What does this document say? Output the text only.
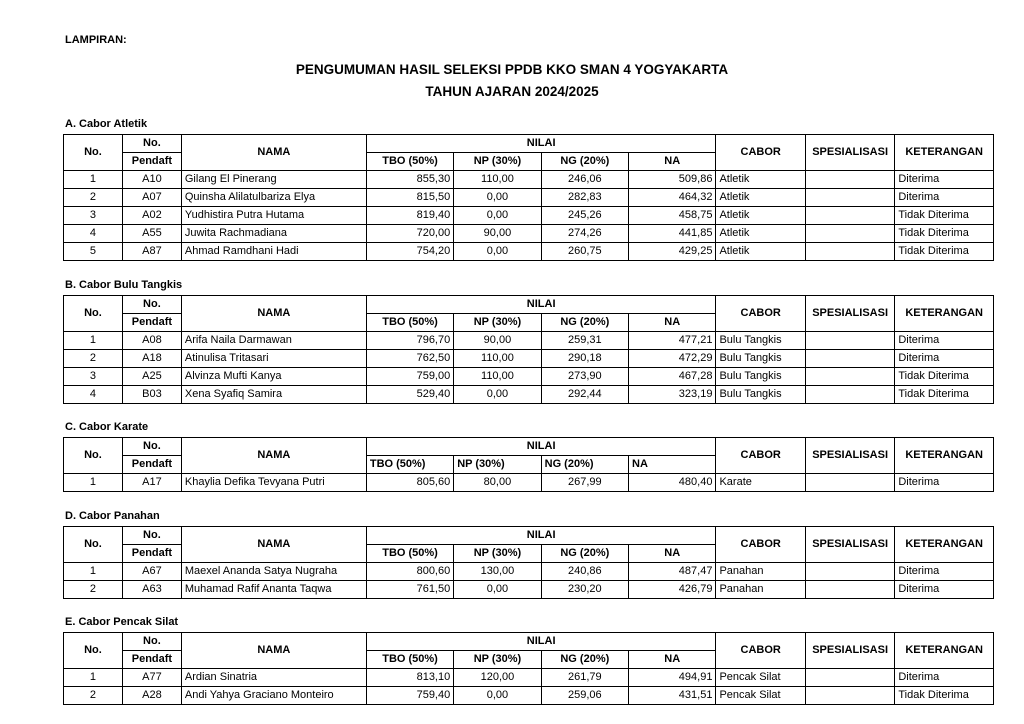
LAMPIRAN:
PENGUMUMAN HASIL SELEKSI PPDB KKO SMAN 4 YOGYAKARTA
TAHUN AJARAN 2024/2025
A. Cabor Atletik
No.	No.	NAMA	NILAI				CABOR	SPESIALISASI	KETERANGAN
	Pendaft		TBO (50%)	NP (30%)	NG (20%)	NA			
1	A10	Gilang El Pinerang	855,30	110,00	246,06	509,86	Atletik		Diterima
2	A07	Quinsha Alilatulbariza Elya	815,50	0,00	282,83	464,32	Atletik		Diterima
3	A02	Yudhistira Putra Hutama	819,40	0,00	245,26	458,75	Atletik		Tidak Diterima
4	A55	Juwita Rachmadiana	720,00	90,00	274,26	441,85	Atletik		Tidak Diterima
5	A87	Ahmad Ramdhani Hadi	754,20	0,00	260,75	429,25	Atletik		Tidak Diterima
B. Cabor Bulu Tangkis
No.	No.	NAMA	NILAI				CABOR	SPESIALISASI	KETERANGAN
	Pendaft		TBO (50%)	NP (30%)	NG (20%)	NA			
1	A08	Arifa Naila Darmawan	796,70	90,00	259,31	477,21	Bulu Tangkis		Diterima
2	A18	Atinulisa Tritasari	762,50	110,00	290,18	472,29	Bulu Tangkis		Diterima
3	A25	Alvinza Mufti Kanya	759,00	110,00	273,90	467,28	Bulu Tangkis		Tidak Diterima
4	B03	Xena Syafiq Samira	529,40	0,00	292,44	323,19	Bulu Tangkis		Tidak Diterima
C. Cabor Karate
No.	No.	NAMA	NILAI				CABOR	SPESIALISASI	KETERANGAN
	Pendaft		TBO (50%)	NP (30%)	NG (20%)	NA			
1	A17	Khaylia Defika Tevyana Putri	805,60	80,00	267,99	480,40	Karate		Diterima
D. Cabor Panahan
No.	No.	NAMA	NILAI				CABOR	SPESIALISASI	KETERANGAN
	Pendaft		TBO (50%)	NP (30%)	NG (20%)	NA			
1	A67	Maexel Ananda Satya Nugraha	800,60	130,00	240,86	487,47	Panahan		Diterima
2	A63	Muhamad Rafif Ananta Taqwa	761,50	0,00	230,20	426,79	Panahan		Diterima
E. Cabor Pencak Silat
No.	No.	NAMA	NILAI				CABOR	SPESIALISASI	KETERANGAN
	Pendaft		TBO (50%)	NP (30%)	NG (20%)	NA			
1	A77	Ardian Sinatria	813,10	120,00	261,79	494,91	Pencak Silat		Diterima
2	A28	Andi Yahya Graciano Monteiro	759,40	0,00	259,06	431,51	Pencak Silat		Tidak Diterima
